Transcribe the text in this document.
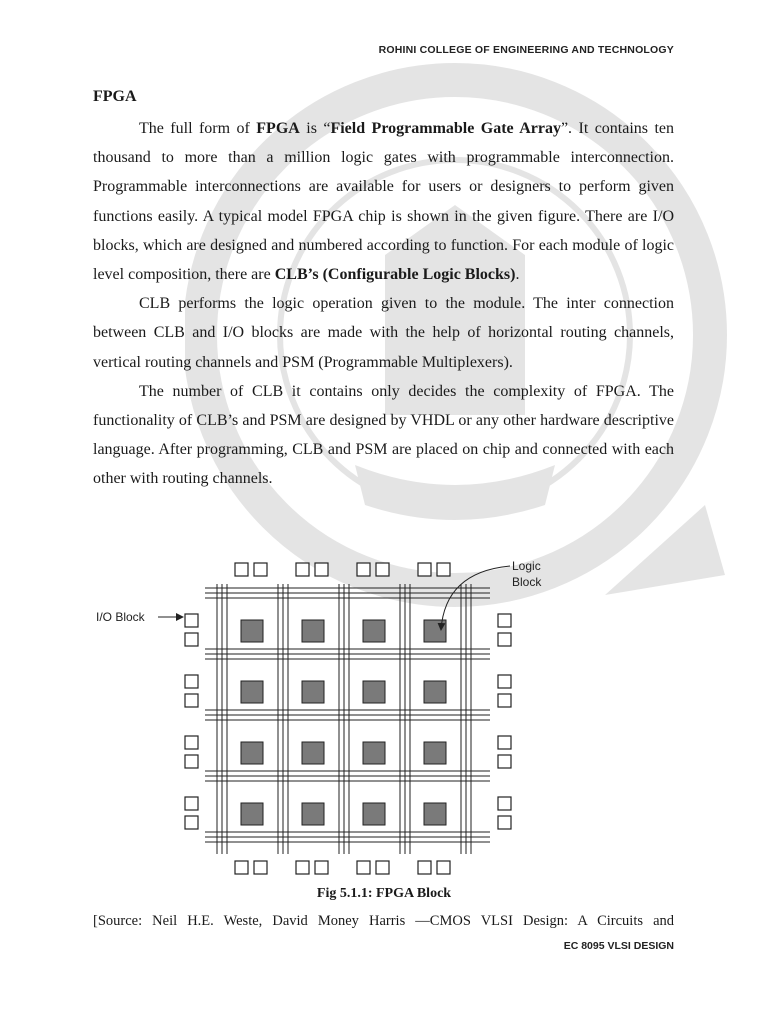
ROHINI COLLEGE OF ENGINEERING AND TECHNOLOGY
FPGA

The full form of FPGA is “Field Programmable Gate Array”. It contains ten thousand to more than a million logic gates with programmable interconnection. Programmable interconnections are available for users or designers to perform given functions easily. A typical model FPGA chip is shown in the given figure. There are I/O blocks, which are designed and numbered according to function. For each module of logic level composition, there are CLB’s (Configurable Logic Blocks).

CLB performs the logic operation given to the module. The inter connection between CLB and I/O blocks are made with the help of horizontal routing channels, vertical routing channels and PSM (Programmable Multiplexers).

The number of CLB it contains only decides the complexity of FPGA. The functionality of CLB’s and PSM are designed by VHDL or any other hardware descriptive language. After programming, CLB and PSM are placed on chip and connected with each other with routing channels.

I/O Block
Logic
Block
Fig 5.1.1: FPGA Block
[Source: Neil H.E. Weste, David Money Harris ―CMOS VLSI Design: A Circuits and
EC 8095 VLSI DESIGN
